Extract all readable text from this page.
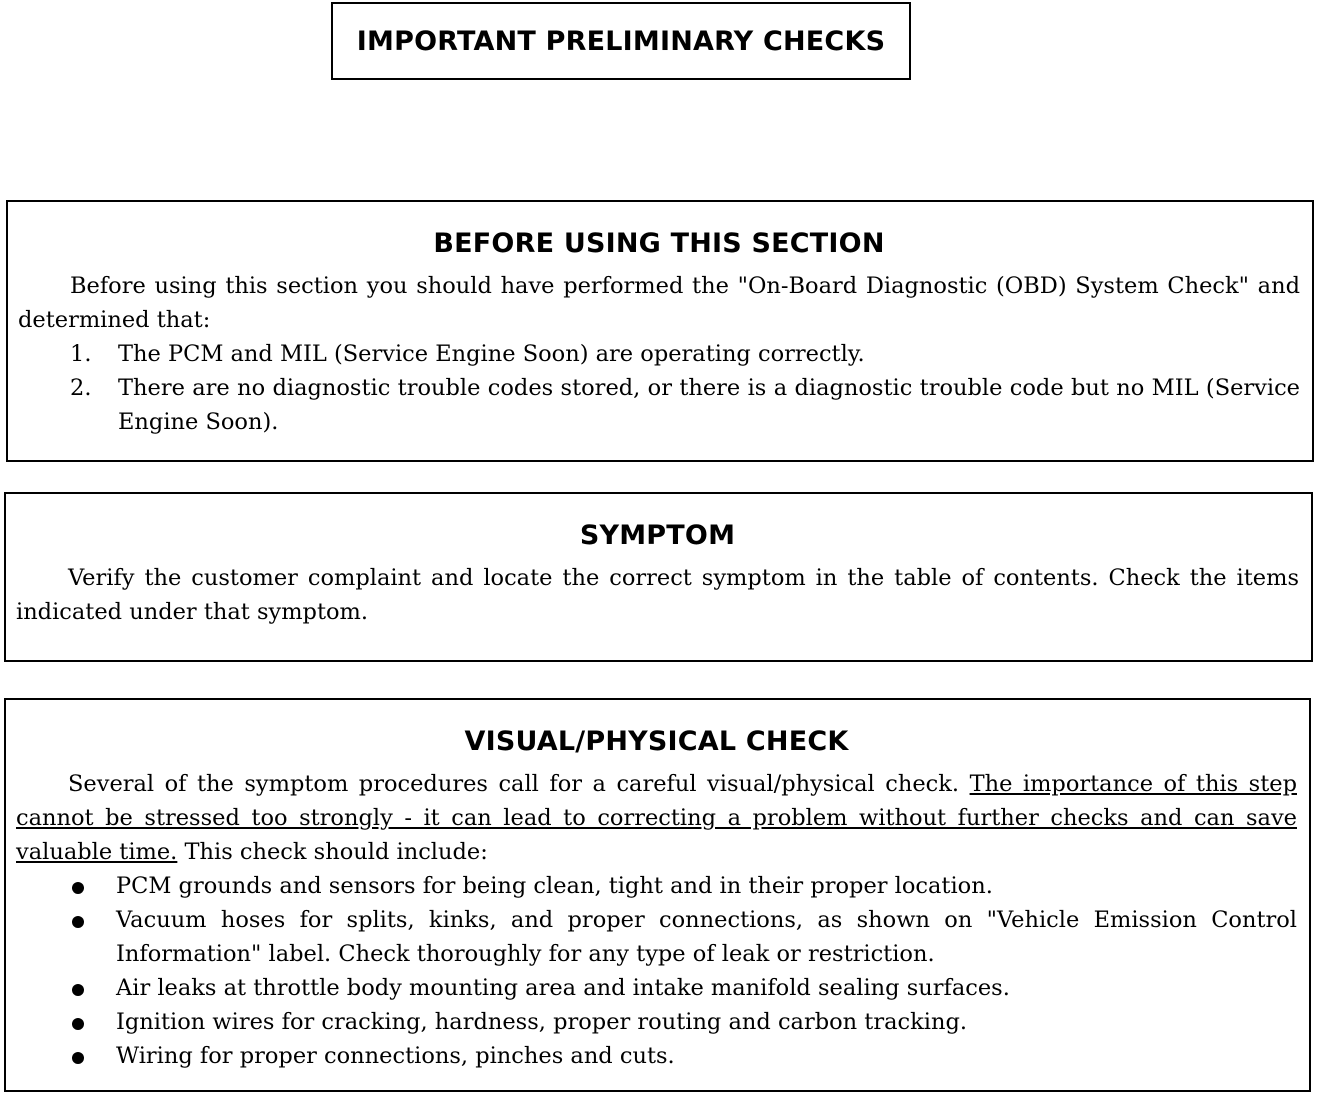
IMPORTANT PRELIMINARY CHECKS
BEFORE USING THIS SECTION

Before using this section you should have performed the "On-Board Diagnostic (OBD) System Check" and determined that:

1. The PCM and MIL (Service Engine Soon) are operating correctly.
2. There are no diagnostic trouble codes stored, or there is a diagnostic trouble code but no MIL (Service Engine Soon).
SYMPTOM

Verify the customer complaint and locate the correct symptom in the table of contents. Check the items indicated under that symptom.

VISUAL/PHYSICAL CHECK

Several of the symptom procedures call for a careful visual/physical check. The importance of this step cannot be stressed too strongly - it can lead to correcting a problem without further checks and can save valuable time. This check should include:

PCM grounds and sensors for being clean, tight and in their proper location.
Vacuum hoses for splits, kinks, and proper connections, as shown on "Vehicle Emission Control Information" label. Check thoroughly for any type of leak or restriction.
Air leaks at throttle body mounting area and intake manifold sealing surfaces.
Ignition wires for cracking, hardness, proper routing and carbon tracking.
Wiring for proper connections, pinches and cuts.
